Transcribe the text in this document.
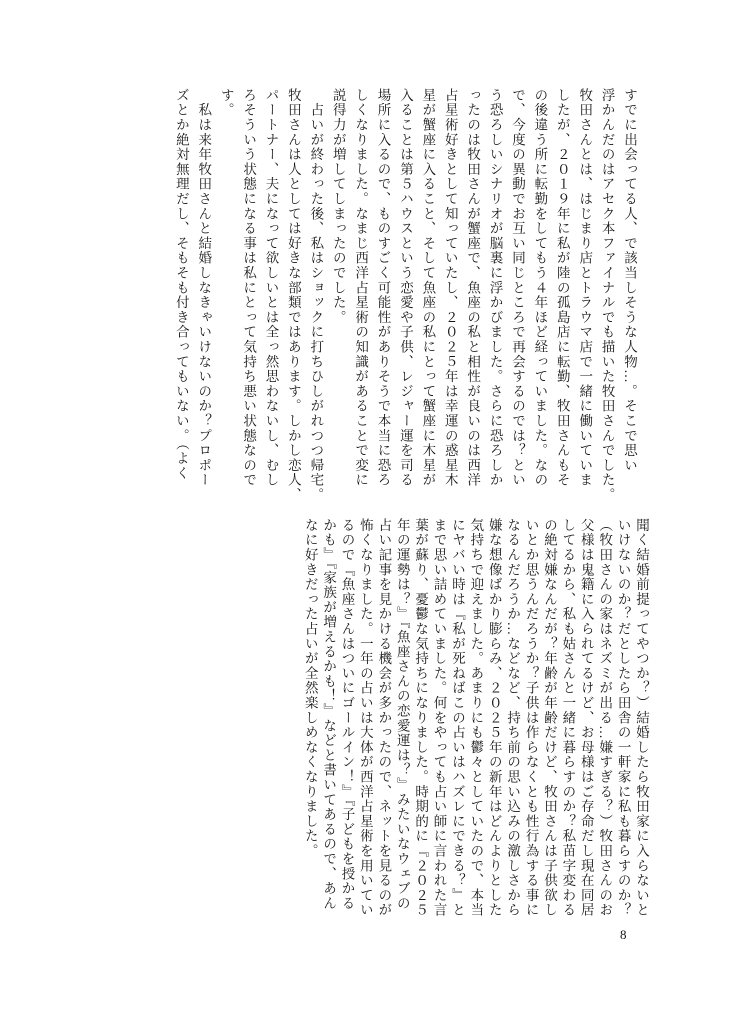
すでに出会ってる人、で該当しそうな人物…。そこで思い
浮かんだのはアセク本ファイナルでも描いた牧田さんでした。
牧田さんとは、はじまり店とトラウマ店で一緒に働いていま
したが、２０１９年に私が陸の孤島店に転勤、牧田さんもそ
の後違う所に転勤をしてもう４年ほど経っていました。なの
で、今度の異動でお互い同じところで再会するのでは？とい
う恐ろしいシナリオが脳裏に浮かびました。さらに恐ろしか
ったのは牧田さんが蟹座で、魚座の私と相性が良いのは西洋
占星術好きとして知っていたし、２０２５年は幸運の惑星木
星が蟹座に入ること、そして魚座の私にとって蟹座に木星が
入ることは第５ハウスという恋愛や子供、レジャー運を司る
場所に入るので、ものすごく可能性がありそうで本当に恐ろ
しくなりました。なまじ西洋占星術の知識があることで変に
説得力が増してしまったのでした。
　占いが終わった後、私はショックに打ちひしがれつつ帰宅。
牧田さんは人としては好きな部類ではあります。しかし恋人、
パートナー、夫になって欲しいとは全っ然思わないし、むし
ろそういう状態になる事は私にとって気持ち悪い状態なので
す。
　私は来年牧田さんと結婚しなきゃいけないのか？プロポー
ズとか絶対無理だし、そもそも付き合ってもいない。（よく
聞く結婚前提ってやつか？）結婚したら牧田家に入らないと
いけないのか？だとしたら田舎の一軒家に私も暮らすのか？
（牧田さんの家はネズミが出る…嫌すぎる？）牧田さんのお
父様は鬼籍に入られてるけど、お母様はご存命だし現在同居
してるから、私も姑さんと一緒に暮らすのか？私苗字変わる
の絶対嫌なんだが？年齢が年齢だけど、牧田さんは子供欲し
いとか思うんだろうか？子供は作らなくとも性行為する事に
なるんだろうか…などなど、持ち前の思い込みの激しさから
嫌な想像ばかり膨らみ、２０２５年の新年はどんよりとした
気持ちで迎えました。あまりにも鬱々としていたので、本当
にヤバい時は『私が死ねばこの占いはハズレにできる？』と
まで思い詰めていました。何をやっても占い師に言われた言
葉が蘇り、憂鬱な気持ちになりました。時期的に『２０２５
年の運勢は？』『魚座さんの恋愛運は？』みたいなウェブの
占い記事を見かける機会が多かったので、ネットを見るのが
怖くなりました。一年の占いは大体が西洋占星術を用いてい
るので『魚座さんはついにゴールイン！』『子どもを授かる
かも』『家族が増えるかも！』などと書いてあるので、あん
なに好きだった占いが全然楽しめなくなりました。
8
